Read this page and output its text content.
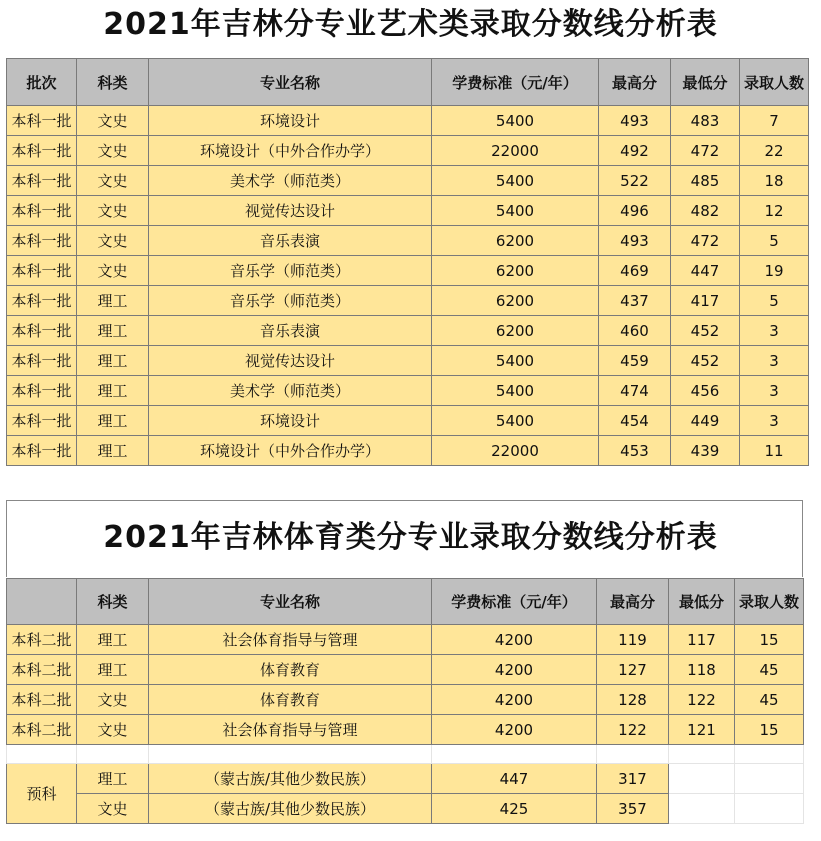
2021年吉林分专业艺术类录取分数线分析表
批次	科类	专业名称	学费标准（元/年）	最高分	最低分	录取人数
本科一批	文史	环境设计	5400	493	483	7
本科一批	文史	环境设计（中外合作办学）	22000	492	472	22
本科一批	文史	美术学（师范类）	5400	522	485	18
本科一批	文史	视觉传达设计	5400	496	482	12
本科一批	文史	音乐表演	6200	493	472	5
本科一批	文史	音乐学（师范类）	6200	469	447	19
本科一批	理工	音乐学（师范类）	6200	437	417	5
本科一批	理工	音乐表演	6200	460	452	3
本科一批	理工	视觉传达设计	5400	459	452	3
本科一批	理工	美术学（师范类）	5400	474	456	3
本科一批	理工	环境设计	5400	454	449	3
本科一批	理工	环境设计（中外合作办学）	22000	453	439	11
2021年吉林体育类分专业录取分数线分析表
	科类	专业名称	学费标准（元/年）	最高分	最低分	录取人数
本科二批	理工	社会体育指导与管理	4200	119	117	15
本科二批	理工	体育教育	4200	127	118	45
本科二批	文史	体育教育	4200	128	122	45
本科二批	文史	社会体育指导与管理	4200	122	121	15

预科	理工	（蒙古族/其他少数民族）	447	317		
	文史	（蒙古族/其他少数民族）	425	357		
